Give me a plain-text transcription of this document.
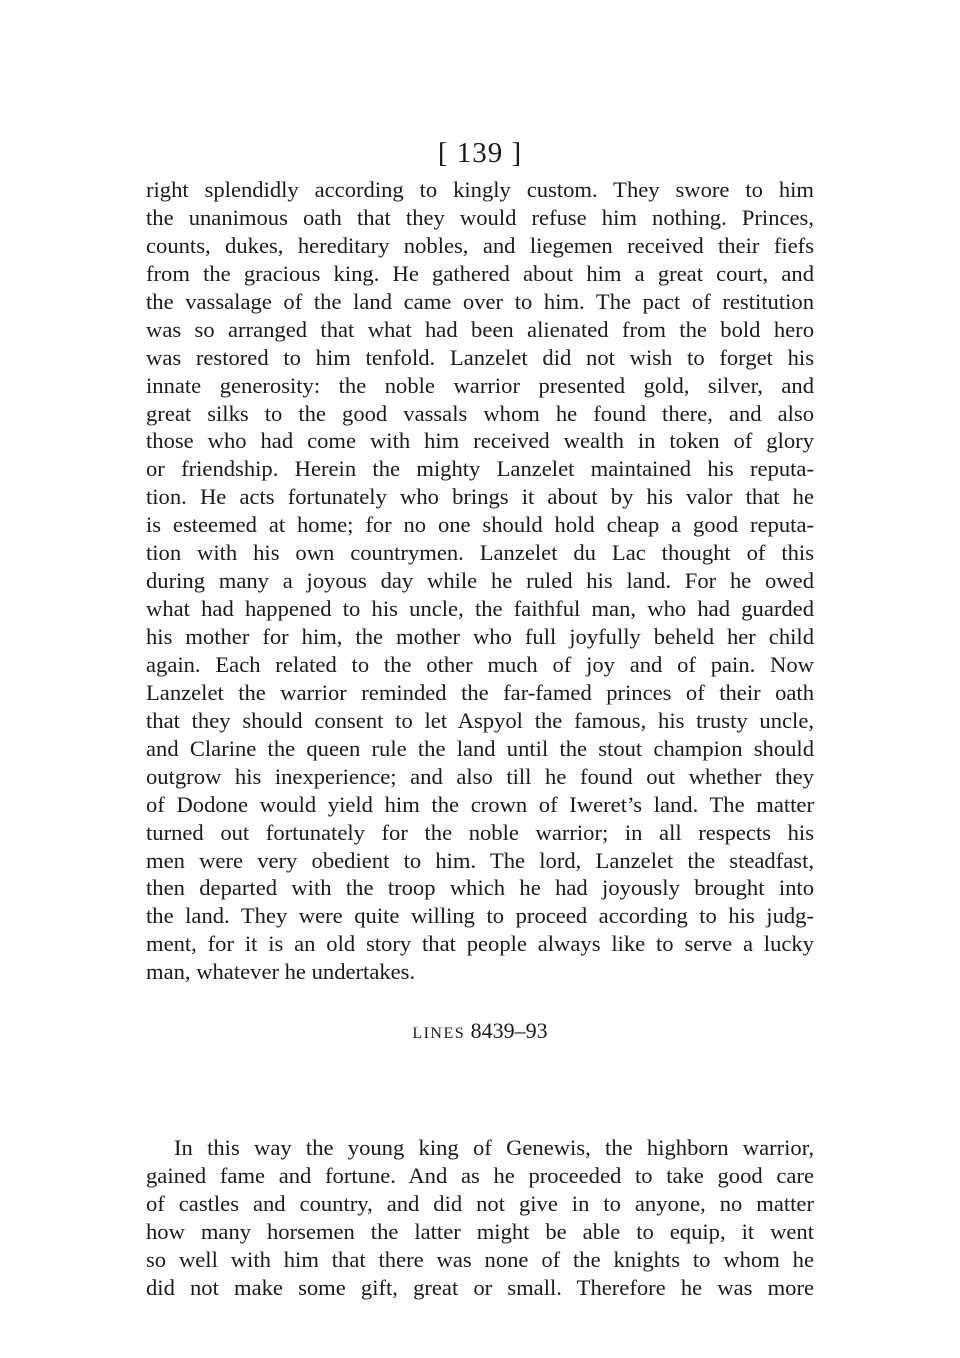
[ 139 ]
right splendidly according to kingly custom. They swore to him
the unanimous oath that they would refuse him nothing. Princes,
counts, dukes, hereditary nobles, and liegemen received their fiefs
from the gracious king. He gathered about him a great court, and
the vassalage of the land came over to him. The pact of restitution
was so arranged that what had been alienated from the bold hero
was restored to him tenfold. Lanzelet did not wish to forget his
innate generosity: the noble warrior presented gold, silver, and
great silks to the good vassals whom he found there, and also
those who had come with him received wealth in token of glory
or friendship. Herein the mighty Lanzelet maintained his reputa-
tion. He acts fortunately who brings it about by his valor that he
is esteemed at home; for no one should hold cheap a good reputa-
tion with his own countrymen. Lanzelet du Lac thought of this
during many a joyous day while he ruled his land. For he owed
what had happened to his uncle, the faithful man, who had guarded
his mother for him, the mother who full joyfully beheld her child
again. Each related to the other much of joy and of pain. Now
Lanzelet the warrior reminded the far-famed princes of their oath
that they should consent to let Aspyol the famous, his trusty uncle,
and Clarine the queen rule the land until the stout champion should
outgrow his inexperience; and also till he found out whether they
of Dodone would yield him the crown of Iweret’s land. The matter
turned out fortunately for the noble warrior; in all respects his
men were very obedient to him. The lord, Lanzelet the steadfast,
then departed with the troop which he had joyously brought into
the land. They were quite willing to proceed according to his judg-
ment, for it is an old story that people always like to serve a lucky
man, whatever he undertakes.
LINES 8439–93
In this way the young king of Genewis, the highborn warrior,
gained fame and fortune. And as he proceeded to take good care
of castles and country, and did not give in to anyone, no matter
how many horsemen the latter might be able to equip, it went
so well with him that there was none of the knights to whom he
did not make some gift, great or small. Therefore he was more
